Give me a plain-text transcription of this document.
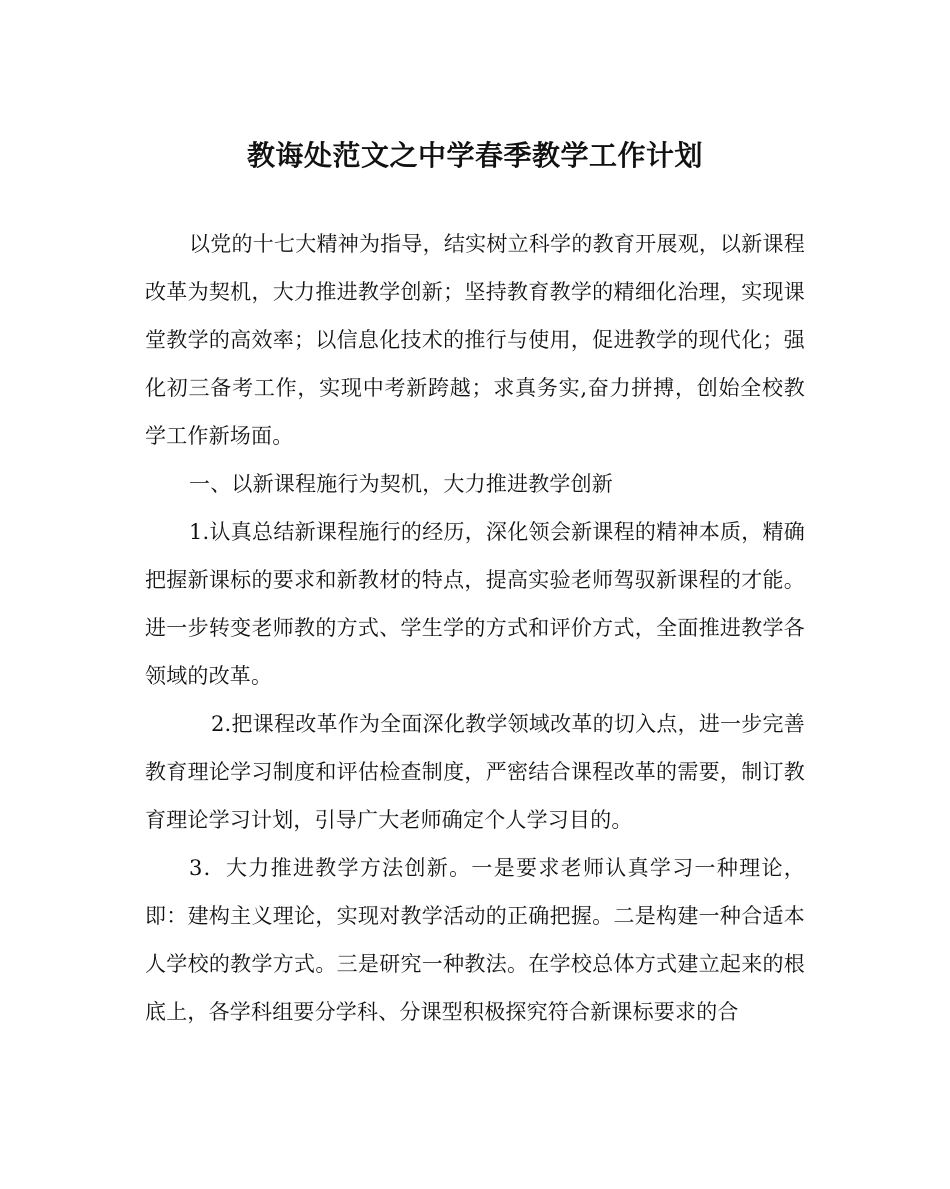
教诲处范文之中学春季教学工作计划

以党的十七大精神为指导，结实树立科学的教育开展观，以新课程改革为契机，大力推进教学创新；坚持教育教学的精细化治理，实现课堂教学的高效率；以信息化技术的推行与使用，促进教学的现代化；强化初三备考工作，实现中考新跨越；求真务实,奋力拼搏，创始全校教学工作新场面。

一、以新课程施行为契机，大力推进教学创新

1.认真总结新课程施行的经历，深化领会新课程的精神本质，精确把握新课标的要求和新教材的特点，提高实验老师驾驭新课程的才能。进一步转变老师教的方式、学生学的方式和评价方式，全面推进教学各领域的改革。

2.把课程改革作为全面深化教学领域改革的切入点，进一步完善教育理论学习制度和评估检查制度，严密结合课程改革的需要，制订教育理论学习计划，引导广大老师确定个人学习目的。

3．大力推进教学方法创新。一是要求老师认真学习一种理论，即：建构主义理论，实现对教学活动的正确把握。二是构建一种合适本人学校的教学方式。三是研究一种教法。在学校总体方式建立起来的根底上，各学科组要分学科、分课型积极探究符合新课标要求的合
